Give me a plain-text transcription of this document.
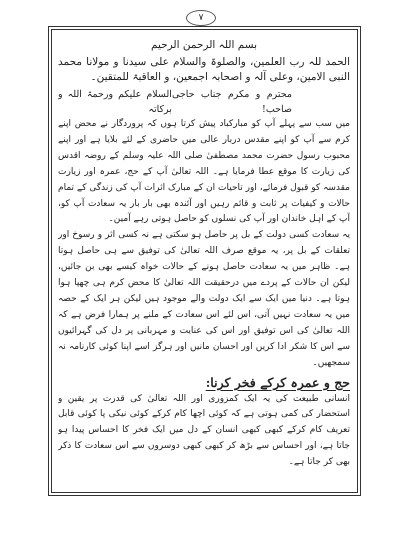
٧
بسم اللہ الرحمن الرحیم

الحمد للہ رب العلمین، والصلوۃ والسلام علی سیدنا و مولانا محمد النبی الامین، وعلی آلہ و اصحابہ اجمعین، و العاقبۃ للمتقین۔

محترم و مکرم جناب حاجی صاحب!
السلام علیکم ورحمۃ اللہ و برکاتہ

میں سب سے پہلے آپ کو مبارکباد پیش کرتا ہوں کہ پروردگار نے محض اپنے کرم سے آپ کو اپنے مقدس دربار عالی میں حاضری کے لئے بلایا ہے اور اپنے محبوب رسول حضرت محمد مصطفیٰ صلی اللہ علیہ وسلم کے روضہ اقدس کی زیارت کا موقع عطا فرمایا ہے۔ اللہ تعالیٰ آپ کے حج، عمرہ اور زیارت مقدسہ کو قبول فرمائے، اور تاحیات ان کے مبارک اثرات آپ کی زندگی کے تمام حالات و کیفیات پر ثابت و قائم رہیں اور آئندہ بھی بار بار یہ سعادت آپ کو، آپ کے اہل خاندان اور آپ کی نسلوں کو حاصل ہوتی رہے آمین۔

یہ سعادت کسی دولت کے بل پر حاصل ہو سکتی ہے نہ کسی اثر و رسوخ اور تعلقات کے بل پر، یہ موقع صرف اللہ تعالیٰ کی توفیق سے ہی حاصل ہوتا ہے۔ ظاہر میں یہ سعادت حاصل ہونے کے حالات خواہ کیسے بھی بن جائیں، لیکن ان حالات کے پردے میں درحقیقت اللہ تعالیٰ کا محض کرم ہی چھپا ہوا ہوتا ہے۔ دنیا میں ایک سے ایک دولت والے موجود ہیں لیکن ہر ایک کے حصہ میں یہ سعادت نہیں آتی، اس لئے اس سعادت کے ملنے پر ہمارا فرض ہے کہ اللہ تعالیٰ کی اس توفیق اور اس کی عنایت و مہربانی پر دل کی گہرائیوں سے اس کا شکر ادا کریں اور احسان مانیں اور ہرگز اسے اپنا کوئی کارنامہ نہ سمجھیں۔

حج و عمرہ کرکے فخر کرنا:

انسانی طبیعت کی یہ ایک کمزوری اور اللہ تعالیٰ کی قدرت پر یقین و استحضار کی کمی ہوتی ہے کہ کوئی اچھا کام کرکے کوئی نیکی پا کوئی قابل تعریف کام کرکے کبھی کبھی انسان کے دل میں ایک فخر کا احساس پیدا ہو جاتا ہے، اور احساس سے بڑھ کر کبھی کبھی دوسروں سے اس سعادت کا ذکر بھی کر جاتا ہے۔
